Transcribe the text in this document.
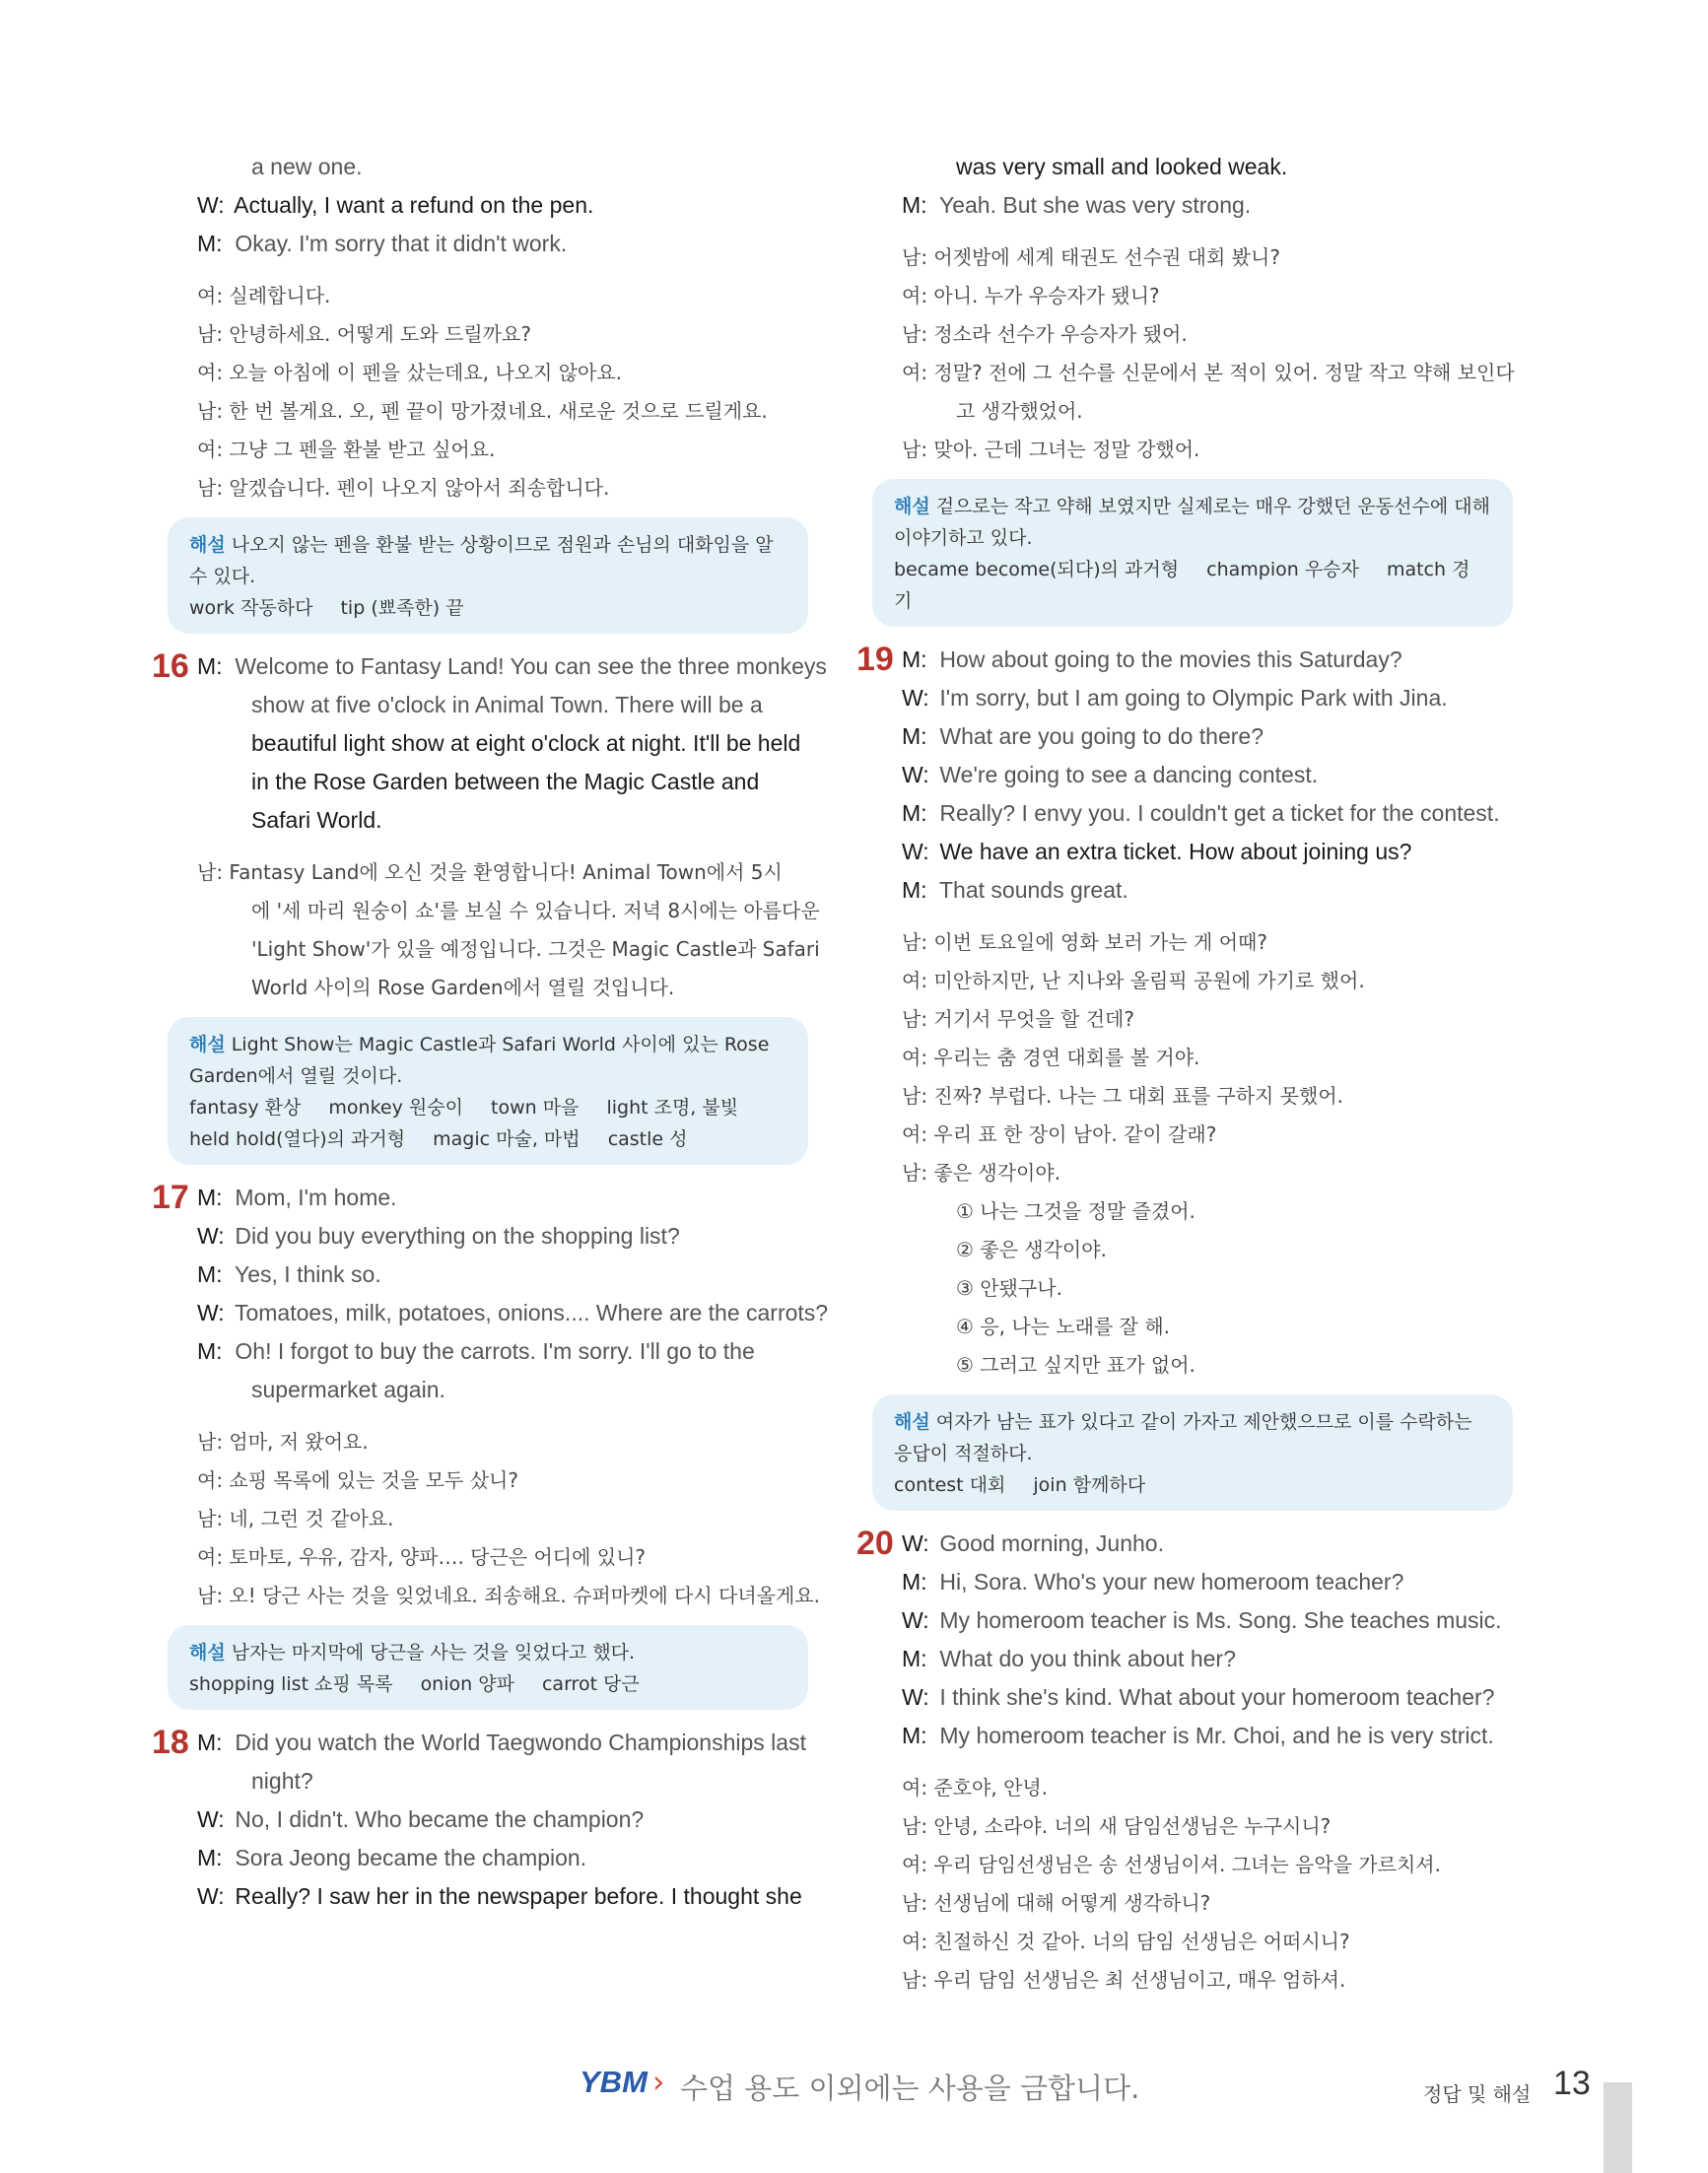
a new one.
W: Actually, I want a refund on the pen.
M: Okay. I'm sorry that it didn't work.
여: 실례합니다.
남: 안녕하세요. 어떻게 도와 드릴까요?
여: 오늘 아침에 이 펜을 샀는데요, 나오지 않아요.
남: 한 번 볼게요. 오, 펜 끝이 망가졌네요. 새로운 것으로 드릴게요.
여: 그냥 그 펜을 환불 받고 싶어요.
남: 알겠습니다. 펜이 나오지 않아서 죄송합니다.
해설 나오지 않는 펜을 환불 받는 상황이므로 점원과 손님의 대화임을 알 수 있다.
work 작동하다 tip (뾰족한) 끝
16 M: Welcome to Fantasy Land! You can see the three monkeys
show at five o'clock in Animal Town. There will be a
beautiful light show at eight o'clock at night. It'll be held
in the Rose Garden between the Magic Castle and
Safari World.
남: Fantasy Land에 오신 것을 환영합니다! Animal Town에서 5시
에 '세 마리 원숭이 쇼'를 보실 수 있습니다. 저녁 8시에는 아름다운
'Light Show'가 있을 예정입니다. 그것은 Magic Castle과 Safari
World 사이의 Rose Garden에서 열릴 것입니다.
해설 Light Show는 Magic Castle과 Safari World 사이에 있는 Rose Garden에서 열릴 것이다.
fantasy 환상 monkey 원숭이 town 마을 light 조명, 불빛 held hold(열다)의 과거형 magic 마술, 마법 castle 성
17 M: Mom, I'm home.
W: Did you buy everything on the shopping list?
M: Yes, I think so.
W: Tomatoes, milk, potatoes, onions.... Where are the carrots?
M: Oh! I forgot to buy the carrots. I'm sorry. I'll go to the
supermarket again.
남: 엄마, 저 왔어요.
여: 쇼핑 목록에 있는 것을 모두 샀니?
남: 네, 그런 것 같아요.
여: 토마토, 우유, 감자, 양파…. 당근은 어디에 있니?
남: 오! 당근 사는 것을 잊었네요. 죄송해요. 슈퍼마켓에 다시 다녀올게요.
해설 남자는 마지막에 당근을 사는 것을 잊었다고 했다.
shopping list 쇼핑 목록 onion 양파 carrot 당근
18 M: Did you watch the World Taegwondo Championships last
night?
W: No, I didn't. Who became the champion?
M: Sora Jeong became the champion.
W: Really? I saw her in the newspaper before. I thought she
was very small and looked weak.
M: Yeah. But she was very strong.
남: 어젯밤에 세계 태권도 선수권 대회 봤니?
여: 아니. 누가 우승자가 됐니?
남: 정소라 선수가 우승자가 됐어.
여: 정말? 전에 그 선수를 신문에서 본 적이 있어. 정말 작고 약해 보인다
고 생각했었어.
남: 맞아. 근데 그녀는 정말 강했어.
해설 겉으로는 작고 약해 보였지만 실제로는 매우 강했던 운동선수에 대해 이야기하고 있다.
became become(되다)의 과거형 champion 우승자 match 경기
19 M: How about going to the movies this Saturday?
W: I'm sorry, but I am going to Olympic Park with Jina.
M: What are you going to do there?
W: We're going to see a dancing contest.
M: Really? I envy you. I couldn't get a ticket for the contest.
W: We have an extra ticket. How about joining us?
M: That sounds great.
남: 이번 토요일에 영화 보러 가는 게 어때?
여: 미안하지만, 난 지나와 올림픽 공원에 가기로 했어.
남: 거기서 무엇을 할 건데?
여: 우리는 춤 경연 대회를 볼 거야.
남: 진짜? 부럽다. 나는 그 대회 표를 구하지 못했어.
여: 우리 표 한 장이 남아. 같이 갈래?
남: 좋은 생각이야.
① 나는 그것을 정말 즐겼어.
② 좋은 생각이야.
③ 안됐구나.
④ 응, 나는 노래를 잘 해.
⑤ 그러고 싶지만 표가 없어.
해설 여자가 남는 표가 있다고 같이 가자고 제안했으므로 이를 수락하는 응답이 적절하다.
contest 대회 join 함께하다
20 W: Good morning, Junho.
M: Hi, Sora. Who's your new homeroom teacher?
W: My homeroom teacher is Ms. Song. She teaches music.
M: What do you think about her?
W: I think she's kind. What about your homeroom teacher?
M: My homeroom teacher is Mr. Choi, and he is very strict.
여: 준호야, 안녕.
남: 안녕, 소라야. 너의 새 담임선생님은 누구시니?
여: 우리 담임선생님은 송 선생님이셔. 그녀는 음악을 가르치셔.
남: 선생님에 대해 어떻게 생각하니?
여: 친절하신 것 같아. 너의 담임 선생님은 어떠시니?
남: 우리 담임 선생님은 최 선생님이고, 매우 엄하셔.
YBM › 수업 용도 이외에는 사용을 금합니다.	정답 및 해설 13
